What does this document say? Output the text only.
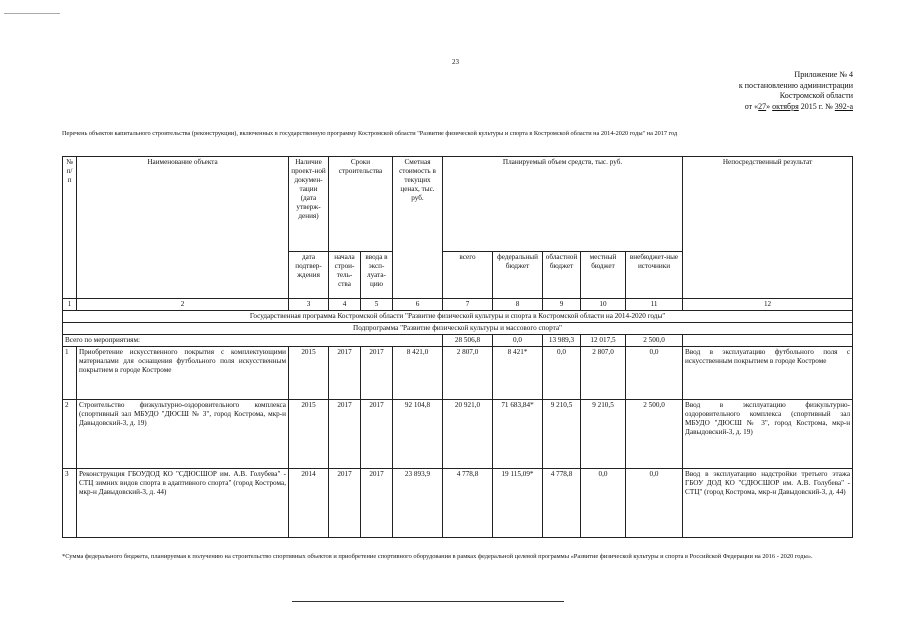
23
Приложение № 4
к постановлению администрации
Костромской области
от «27» октября 2015 г. № 392-а
Перечень объектов капитального строительства (реконструкции), включенных в государственную программу Костромской области "Развитие физической культуры и спорта в Костромской области на 2014-2020 годы" на 2017 год
№ п/п	Наименование объекта	Наличие проект-ной докумен-тации (дата утверж-дения)	Сроки строительства		Сметная стоимость в текущих ценах, тыс. руб.	Планируемый объем средств, тыс. руб.					Непосредственный результат
		дата подтвер-ждения	начала строи-тель-ства	ввода в эксп-луата-цию		всего	федеральный бюджет	областной бюджет	местный бюджет	внебюджет-ные источники	
1	2	3	4	5	6	7	8	9	10	11	12
Государственная программа Костромской области "Развитие физической культуры и спорта в Костромской области на 2014-2020 годы"											
Подпрограмма "Развитие физической культуры и массового спорта"											
Всего по мероприятиям:						28 506,8	0,0	13 989,3	12 017,5	2 500,0	
1	Приобретение искусственного покрытия с комплектующими материалами для оснащения футбольного поля искусственным покрытием в городе Костроме	2015	2017	2017	8 421,0	2 807,0	8 421*	0,0	2 807,0	0,0	Ввод в эксплуатацию футбольного поля с искусственным покрытием в городе Костроме
2	Строительство физкультурно-оздоровительного комплекса (спортивный зал МБУДО "ДЮСШ № 3", город Кострома, мкр-н Давыдовский-3, д. 19)	2015	2017	2017	92 104,8	20 921,0	71 683,84*	9 210,5	9 210,5	2 500,0	Ввод в эксплуатацию физкультурно-оздоровительного комплекса (спортивный зал МБУДО "ДЮСШ № 3", город Кострома, мкр-н Давыдовский-3, д. 19)
3	Реконструкция ГБОУДОД КО "СДЮСШОР им. А.В. Голубева" - СТЦ зимних видов спорта в адаптивного спорта" (город Кострома, мкр-н Давыдовский-3, д. 44)	2014	2017	2017	23 893,9	4 778,8	19 115,09*	4 778,8	0,0	0,0	Ввод в эксплуатацию надстройки третьего этажа ГБОУ ДОД КО "СДЮСШОР им. А.В. Голубева" - СТЦ" (город Кострома, мкр-н Давыдовский-3, д. 44)
*Сумма федерального бюджета, планируемая к получению на строительство спортивных объектов и приобретение спортивного оборудования в рамках федеральной целевой программы «Развитие физической культуры и спорта в Российской Федерации на 2016 - 2020 годы».
